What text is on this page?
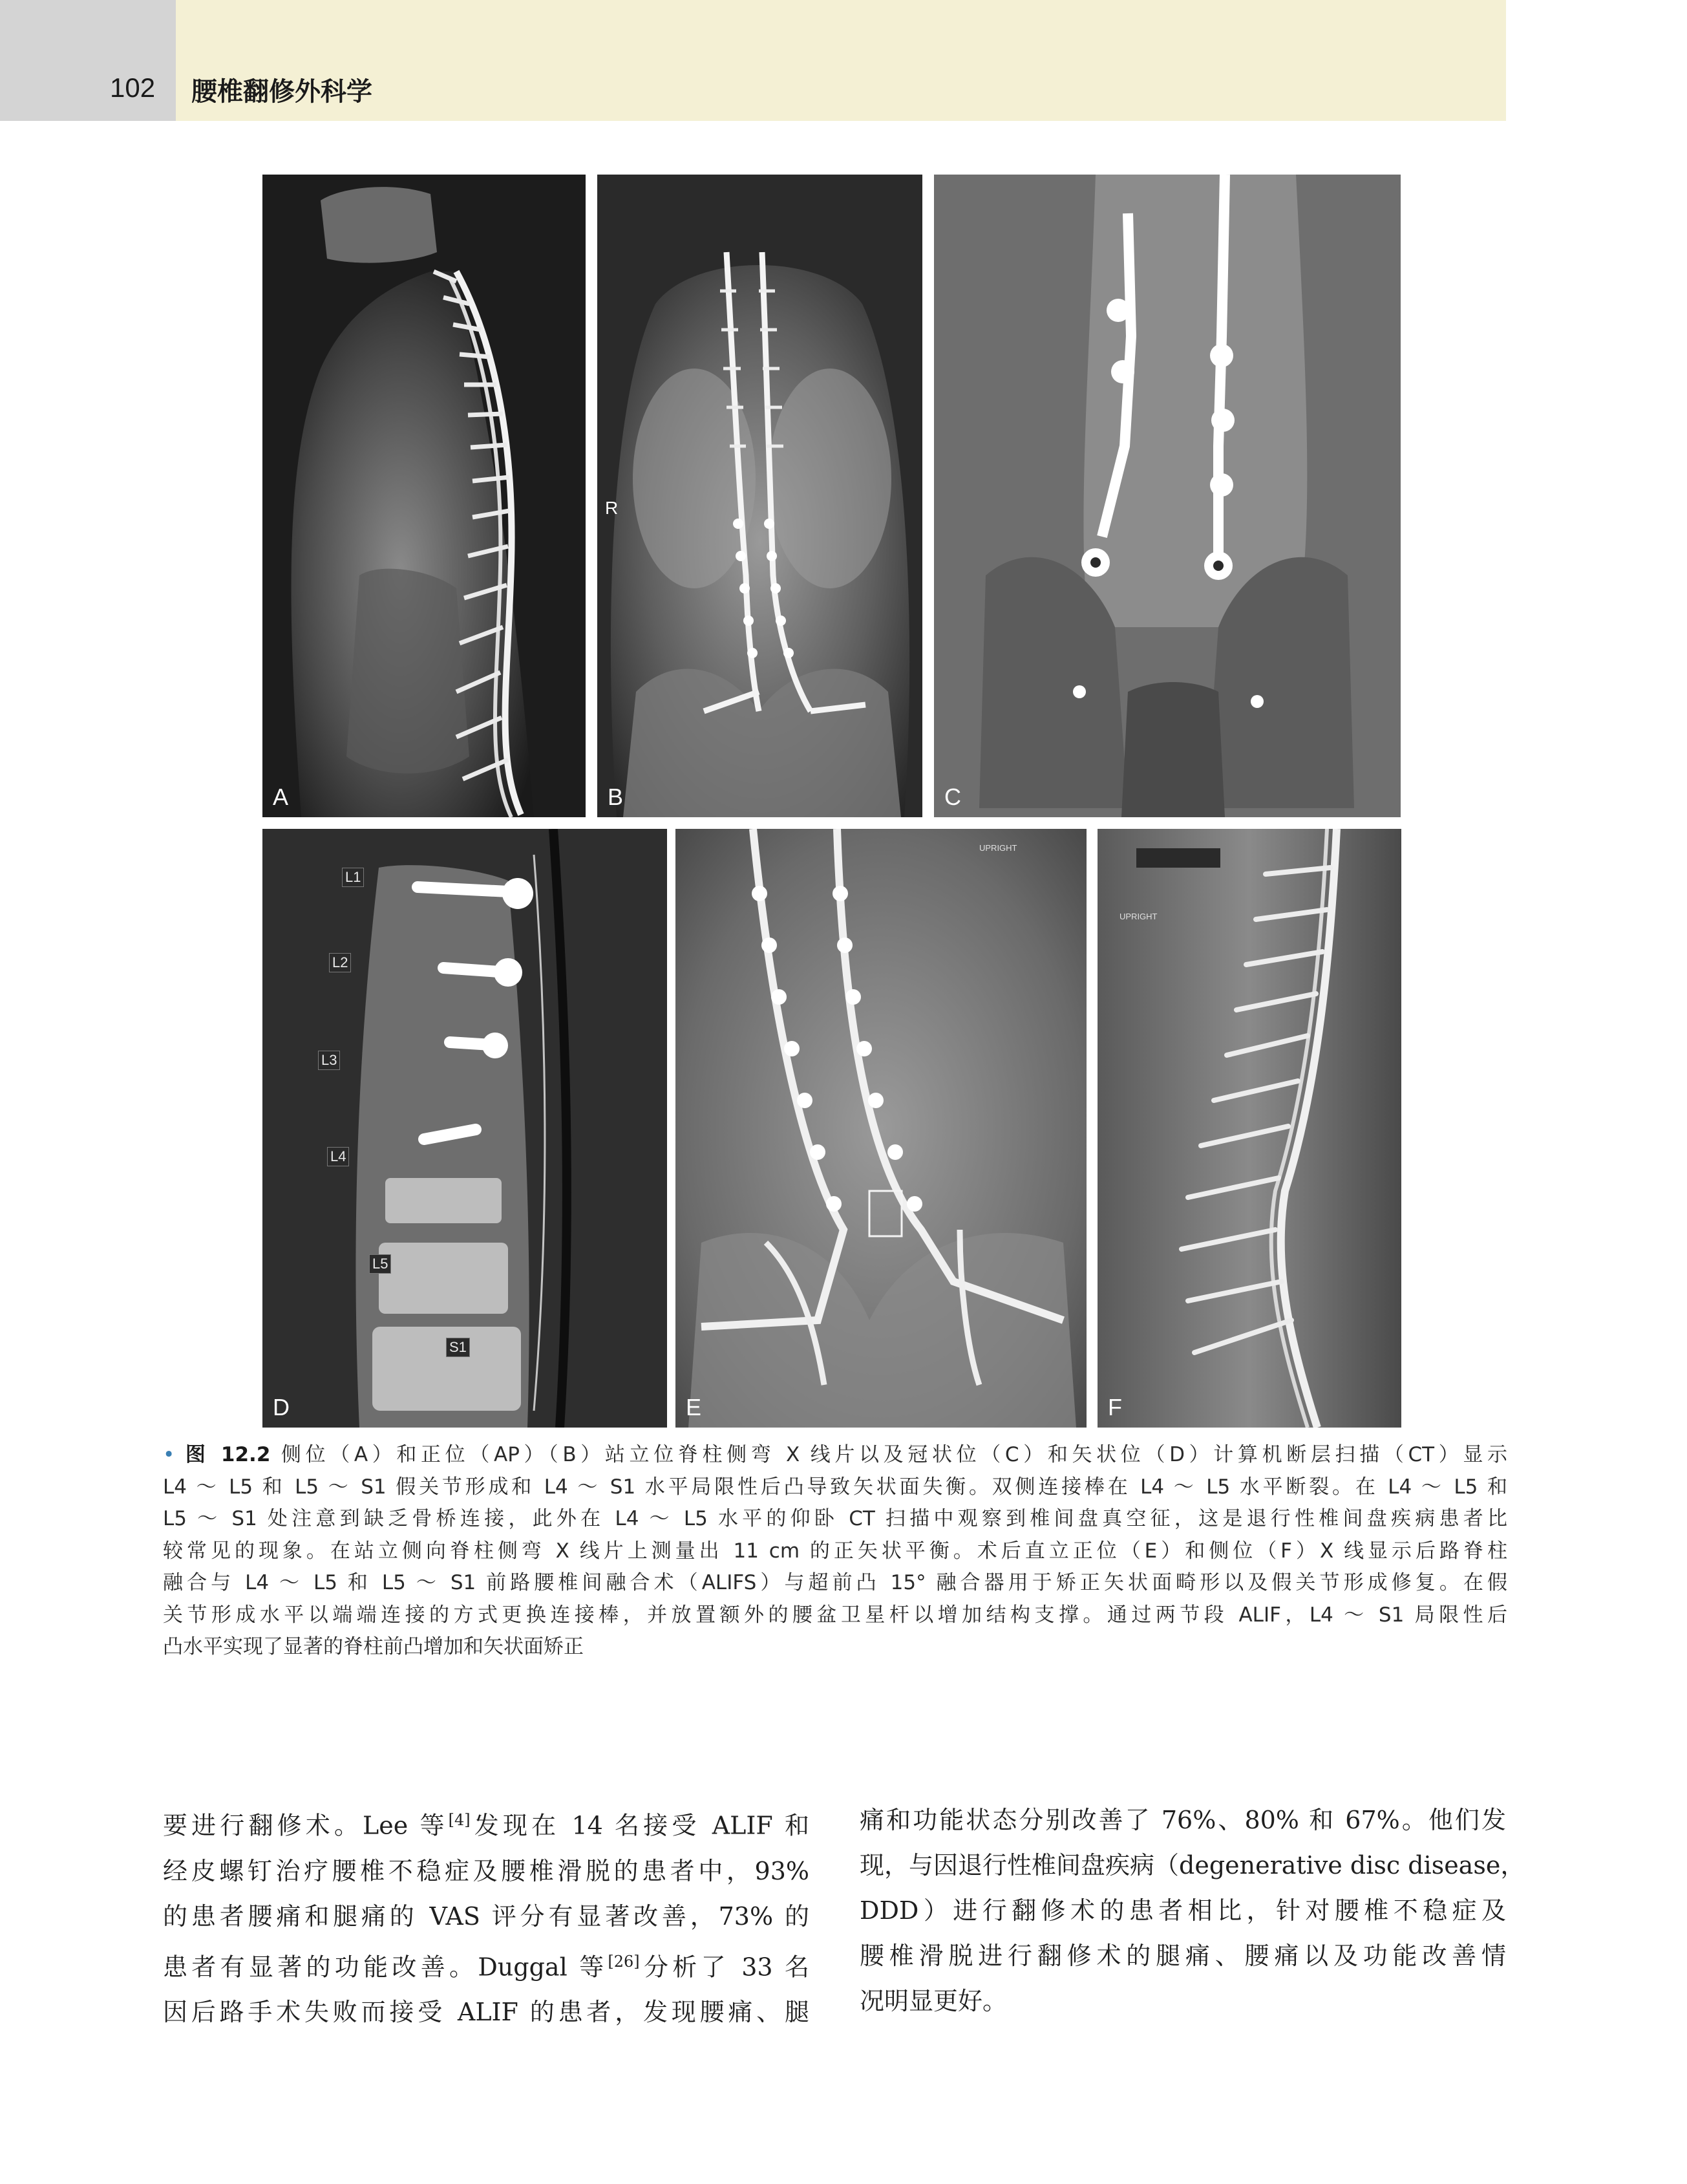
102 腰椎翻修外科学
A
R
B	C
L1
L2
L3
L4
L5
S1
D
UPRIGHT
E
UPRIGHT
F
• 图 12.2 侧位（A）和正位（AP）（B）站立位脊柱侧弯 X 线片以及冠状位（C）和矢状位（D）计算机断层扫描（CT）显示
L4 ～ L5 和 L5 ～ S1 假关节形成和 L4 ～ S1 水平局限性后凸导致矢状面失衡。双侧连接棒在 L4 ～ L5 水平断裂。在 L4 ～ L5 和
L5 ～ S1 处注意到缺乏骨桥连接，此外在 L4 ～ L5 水平的仰卧 CT 扫描中观察到椎间盘真空征，这是退行性椎间盘疾病患者比
较常见的现象。在站立侧向脊柱侧弯 X 线片上测量出 11 cm 的正矢状平衡。术后直立正位（E）和侧位（F）X 线显示后路脊柱
融合与 L4 ～ L5 和 L5 ～ S1 前路腰椎间融合术（ALIFS）与超前凸 15° 融合器用于矫正矢状面畸形以及假关节形成修复。在假
关节形成水平以端端连接的方式更换连接棒，并放置额外的腰盆卫星杆以增加结构支撑。通过两节段 ALIF，L4 ～ S1 局限性后
凸水平实现了显著的脊柱前凸增加和矢状面矫正
要进行翻修术。Lee 等[4]发现在 14 名接受 ALIF 和
经皮螺钉治疗腰椎不稳症及腰椎滑脱的患者中，93%
的患者腰痛和腿痛的 VAS 评分有显著改善，73% 的
患者有显著的功能改善。Duggal 等[26]分析了 33 名
因后路手术失败而接受 ALIF 的患者，发现腰痛、腿
痛和功能状态分别改善了 76%、80% 和 67%。他们发
现，与因退行性椎间盘疾病（degenerative disc disease，
DDD）进行翻修术的患者相比，针对腰椎不稳症及
腰椎滑脱进行翻修术的腿痛、腰痛以及功能改善情
况明显更好。
